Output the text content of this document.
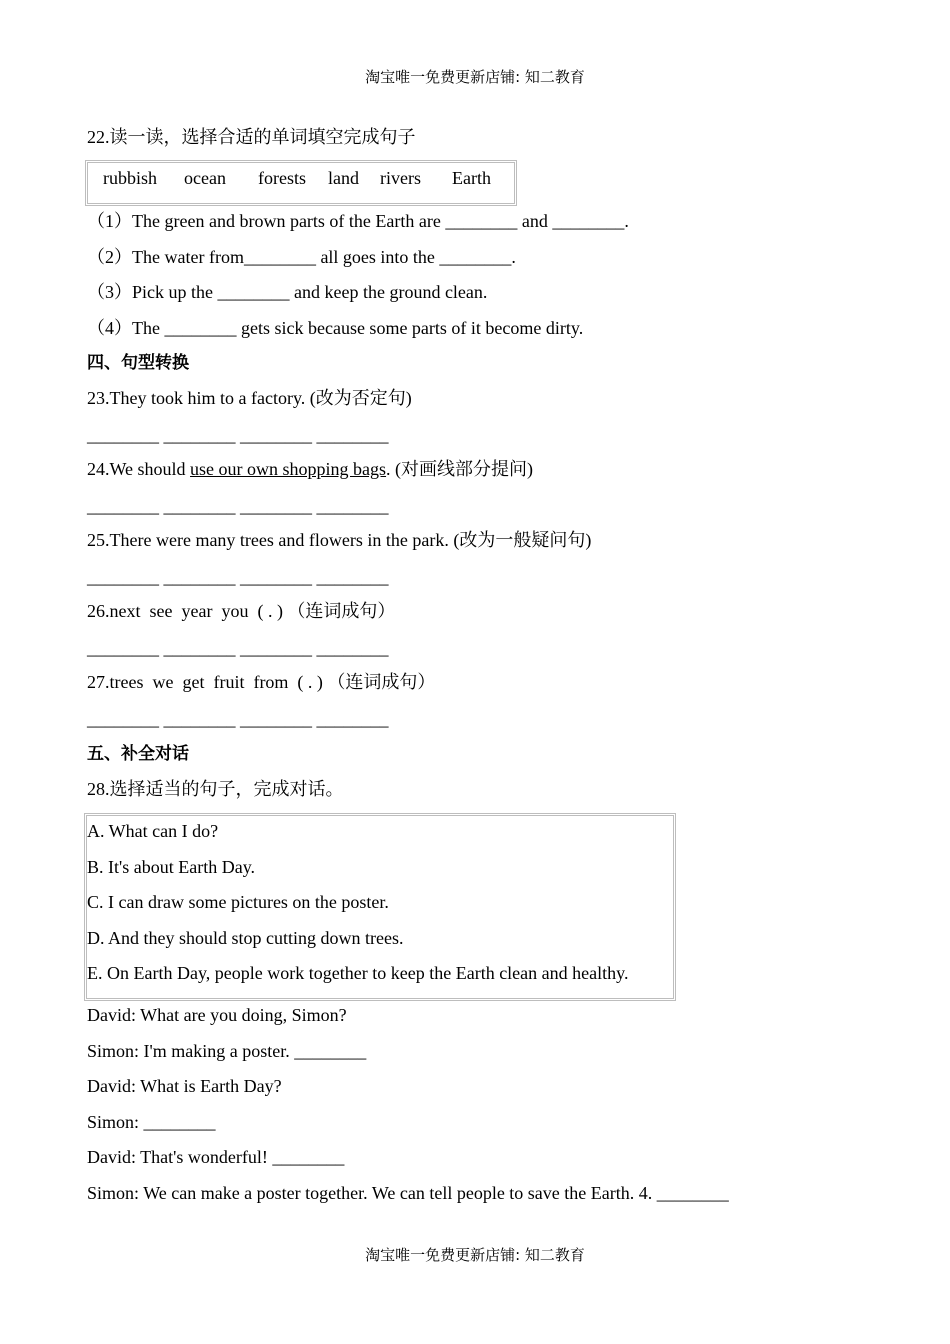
淘宝唯一免费更新店铺: 知二教育
22.读一读，选择合适的单词填空完成句子
rubbish ocean forests land rivers Earth
（1）The green and brown parts of the Earth are ________ and ________.
（2）The water from________ all goes into the ________.
（3）Pick up the ________ and keep the ground clean.
（4）The ________ gets sick because some parts of it become dirty.
四、句型转换
23.They took him to a factory. (改为否定句)
________ ________ ________ ________
24.We should use our own shopping bags. (对画线部分提问)
________ ________ ________ ________
25.There were many trees and flowers in the park. (改为一般疑问句)
________ ________ ________ ________
26.next  see  year  you  ( . ) （连词成句）
________ ________ ________ ________
27.trees  we  get  fruit  from  ( . ) （连词成句）
________ ________ ________ ________
五、补全对话
28.选择适当的句子，完成对话。
A. What can I do?
B. It's about Earth Day.
C. I can draw some pictures on the poster.
D. And they should stop cutting down trees.
E. On Earth Day, people work together to keep the Earth clean and healthy.
David: What are you doing, Simon?
Simon: I'm making a poster. ________
David: What is Earth Day?
Simon: ________
David: That's wonderful! ________
Simon: We can make a poster together. We can tell people to save the Earth. 4. ________
淘宝唯一免费更新店铺: 知二教育
